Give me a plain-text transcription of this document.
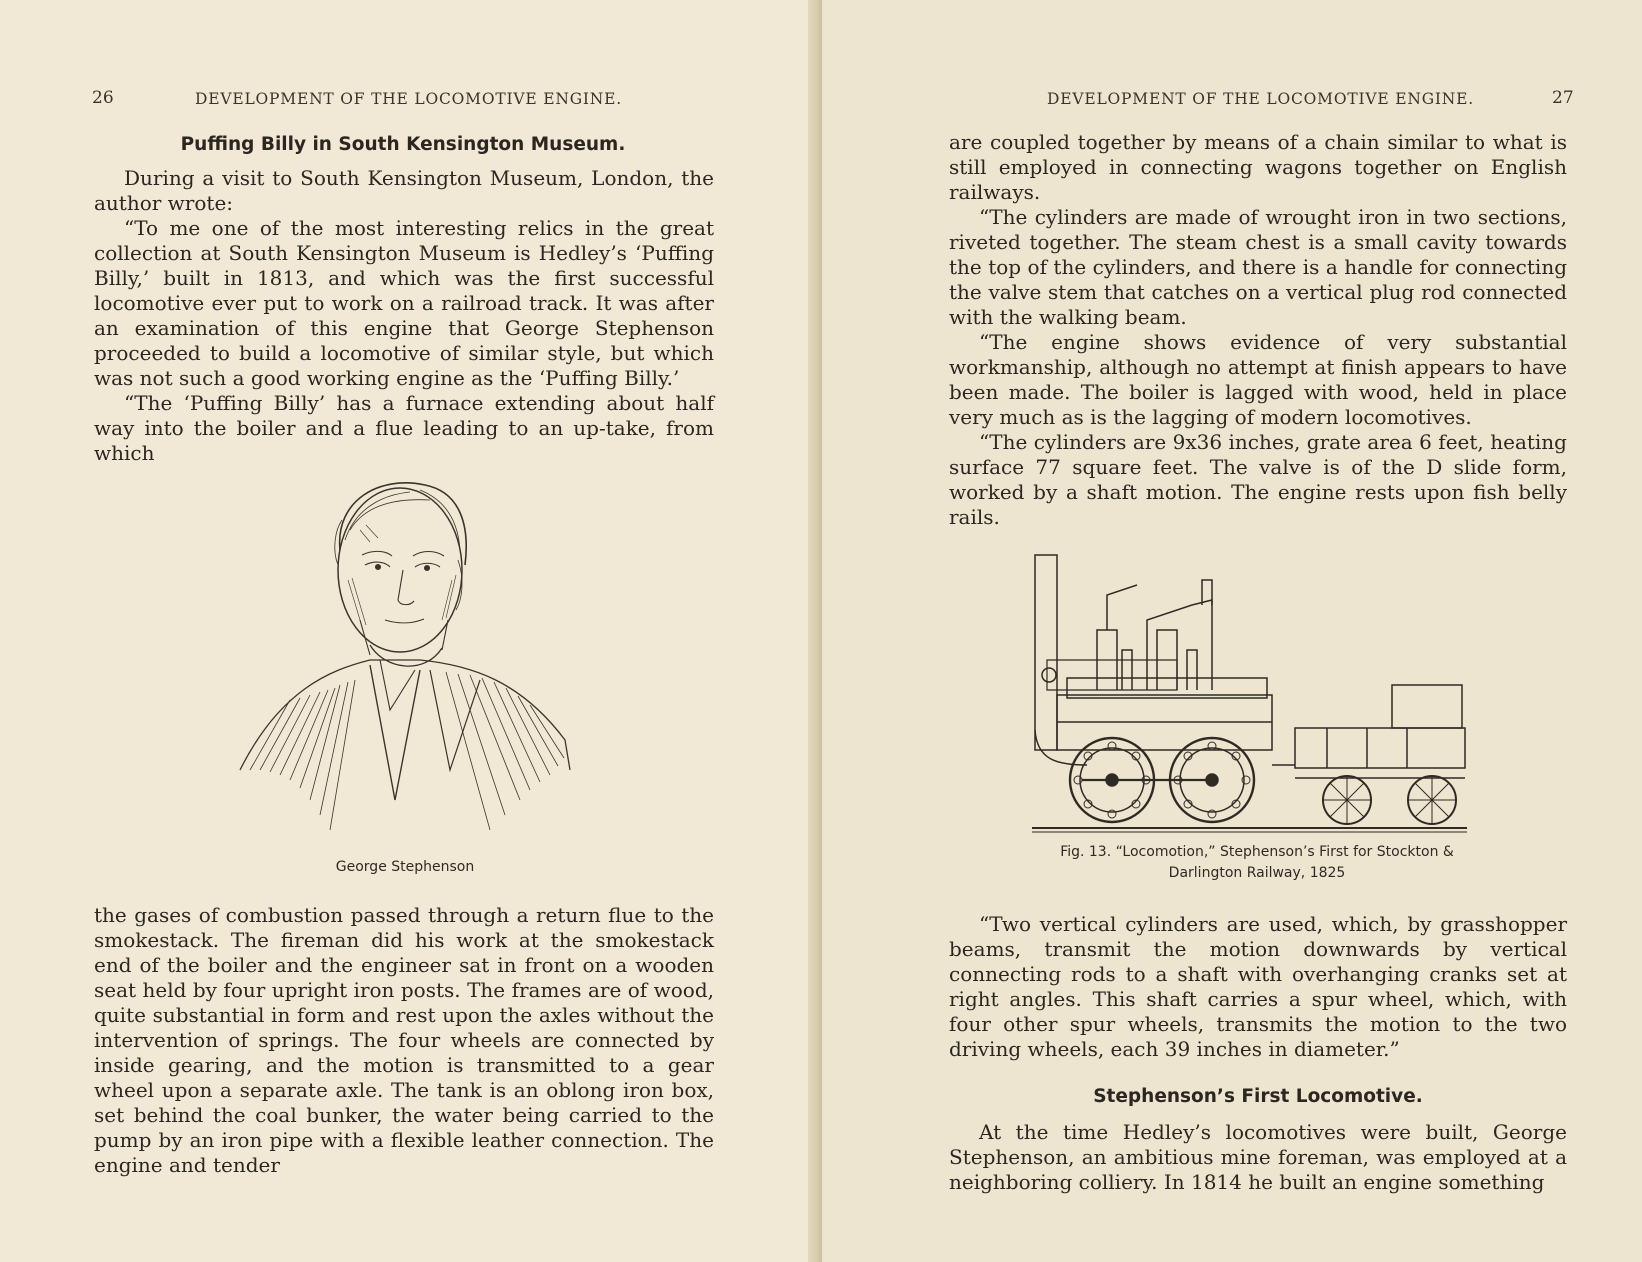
26	DEVELOPMENT OF THE LOCOMOTIVE ENGINE.
Puffing Billy in South Kensington Museum.

During a visit to South Kensington Museum, London, the author wrote:

“To me one of the most interesting relics in the great collection at South Kensington Museum is Hedley’s ‘Puffing Billy,’ built in 1813, and which was the first successful locomotive ever put to work on a railroad track. It was after an examination of this engine that George Stephenson proceeded to build a locomotive of similar style, but which was not such a good working engine as the ‘Puffing Billy.’

“The ‘Puffing Billy’ has a furnace extending about half way into the boiler and a flue leading to an up-take, from which

George Stephenson

the gases of combustion passed through a return flue to the smokestack. The fireman did his work at the smokestack end of the boiler and the engineer sat in front on a wooden seat held by four upright iron posts. The frames are of wood, quite substantial in form and rest upon the axles without the intervention of springs. The four wheels are connected by inside gearing, and the motion is transmitted to a gear wheel upon a separate axle. The tank is an oblong iron box, set behind the coal bunker, the water being carried to the pump by an iron pipe with a flexible leather connection. The engine and tender

DEVELOPMENT OF THE LOCOMOTIVE ENGINE.	27

are coupled together by means of a chain similar to what is still employed in connecting wagons together on English railways.

“The cylinders are made of wrought iron in two sections, riveted together. The steam chest is a small cavity towards the top of the cylinders, and there is a handle for connecting the valve stem that catches on a vertical plug rod connected with the walking beam.

“The engine shows evidence of very substantial workmanship, although no attempt at finish appears to have been made. The boiler is lagged with wood, held in place very much as is the lagging of modern locomotives.

“The cylinders are 9x36 inches, grate area 6 feet, heating surface 77 square feet. The valve is of the D slide form, worked by a shaft motion. The engine rests upon fish belly rails.

Fig. 13. “Locomotion,” Stephenson’s First for Stockton &
Darlington Railway, 1825

“Two vertical cylinders are used, which, by grasshopper beams, transmit the motion downwards by vertical connecting rods to a shaft with overhanging cranks set at right angles. This shaft carries a spur wheel, which, with four other spur wheels, transmits the motion to the two driving wheels, each 39 inches in diameter.”

Stephenson’s First Locomotive.

At the time Hedley’s locomotives were built, George Stephenson, an ambitious mine foreman, was employed at a neighboring colliery. In 1814 he built an engine something
